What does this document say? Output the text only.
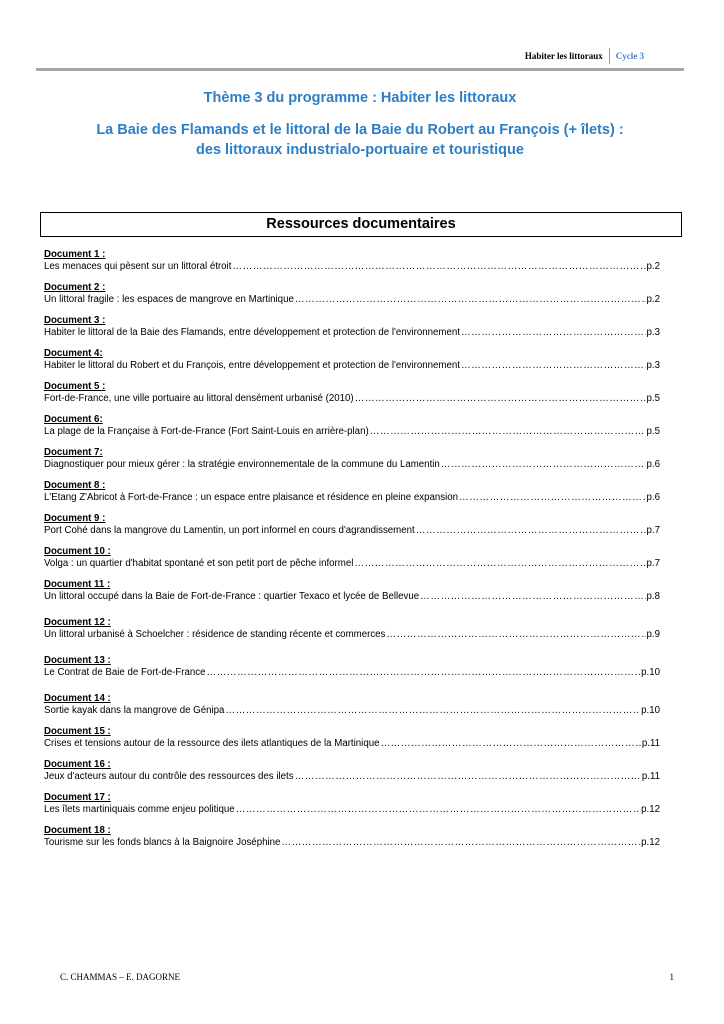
Habiter les littoraux Cycle 3
Thème 3 du programme : Habiter les littoraux
La Baie des Flamands et le littoral de la Baie du Robert au François (+ îlets) :
des littoraux industrialo-portuaire et touristique
Ressources documentaires
Document 1 :
Les menaces qui pèsent sur un littoral étroit ………………………………………………………………………………………………………………………………………………………………………………………	p.2
Document 2 :
Un littoral fragile : les espaces de mangrove en Martinique ………………………………………………………………………………………………………………………………………………………………………………………	p.2
Document 3 :
Habiter le littoral de la Baie des Flamands, entre développement et protection de l'environnement ………………………………………………………………………………………………………………………………………………………………………………………	p.3
Document 4:
Habiter le littoral du Robert et du François, entre développement et protection de l'environnement ………………………………………………………………………………………………………………………………………………………………………………………	p.3
Document 5 :
Fort-de-France, une ville portuaire au littoral densément urbanisé (2010) ………………………………………………………………………………………………………………………………………………………………………………………	p.5
Document 6:
La plage de la Française à Fort-de-France (Fort Saint-Louis en arrière-plan) ………………………………………………………………………………………………………………………………………………………………………………………	p.5
Document 7:
Diagnostiquer pour mieux gérer : la stratégie environnementale de la commune du Lamentin ………………………………………………………………………………………………………………………………………………………………………………………	p.6
Document 8 :
L'Etang Z'Abricot à Fort-de-France : un espace entre plaisance et résidence en pleine expansion ………………………………………………………………………………………………………………………………………………………………………………………	p.6
Document 9 :
Port Cohé dans la mangrove du Lamentin, un port informel en cours d'agrandissement ………………………………………………………………………………………………………………………………………………………………………………………	p.7
Document 10 :
Volga : un quartier d'habitat spontané et son petit port de pêche informel ………………………………………………………………………………………………………………………………………………………………………………………	p.7
Document 11 :
Un littoral occupé dans la Baie de Fort-de-France : quartier Texaco et lycée de Bellevue ………………………………………………………………………………………………………………………………………………………………………………………	p.8
Document 12 :
Un littoral urbanisé à Schoelcher : résidence de standing récente et commerces ………………………………………………………………………………………………………………………………………………………………………………………	p.9
Document 13 :
Le Contrat de Baie de Fort-de-France ………………………………………………………………………………………………………………………………………………………………………………………	p.10
Document 14 :
Sortie kayak dans la mangrove de Génipa ………………………………………………………………………………………………………………………………………………………………………………………	p.10
Document 15 :
Crises et tensions autour de la ressource des ilets atlantiques de la Martinique ………………………………………………………………………………………………………………………………………………………………………………………	p.11
Document 16 :
Jeux d'acteurs autour du contrôle des ressources des ilets ………………………………………………………………………………………………………………………………………………………………………………………	p.11
Document 17 :
Les îlets martiniquais comme enjeu politique ………………………………………………………………………………………………………………………………………………………………………………………	p.12
Document 18 :
Tourisme sur les fonds blancs à la Baignoire Joséphine ………………………………………………………………………………………………………………………………………………………………………………………	p.12
C. CHAMMAS – E. DAGORNE	1
